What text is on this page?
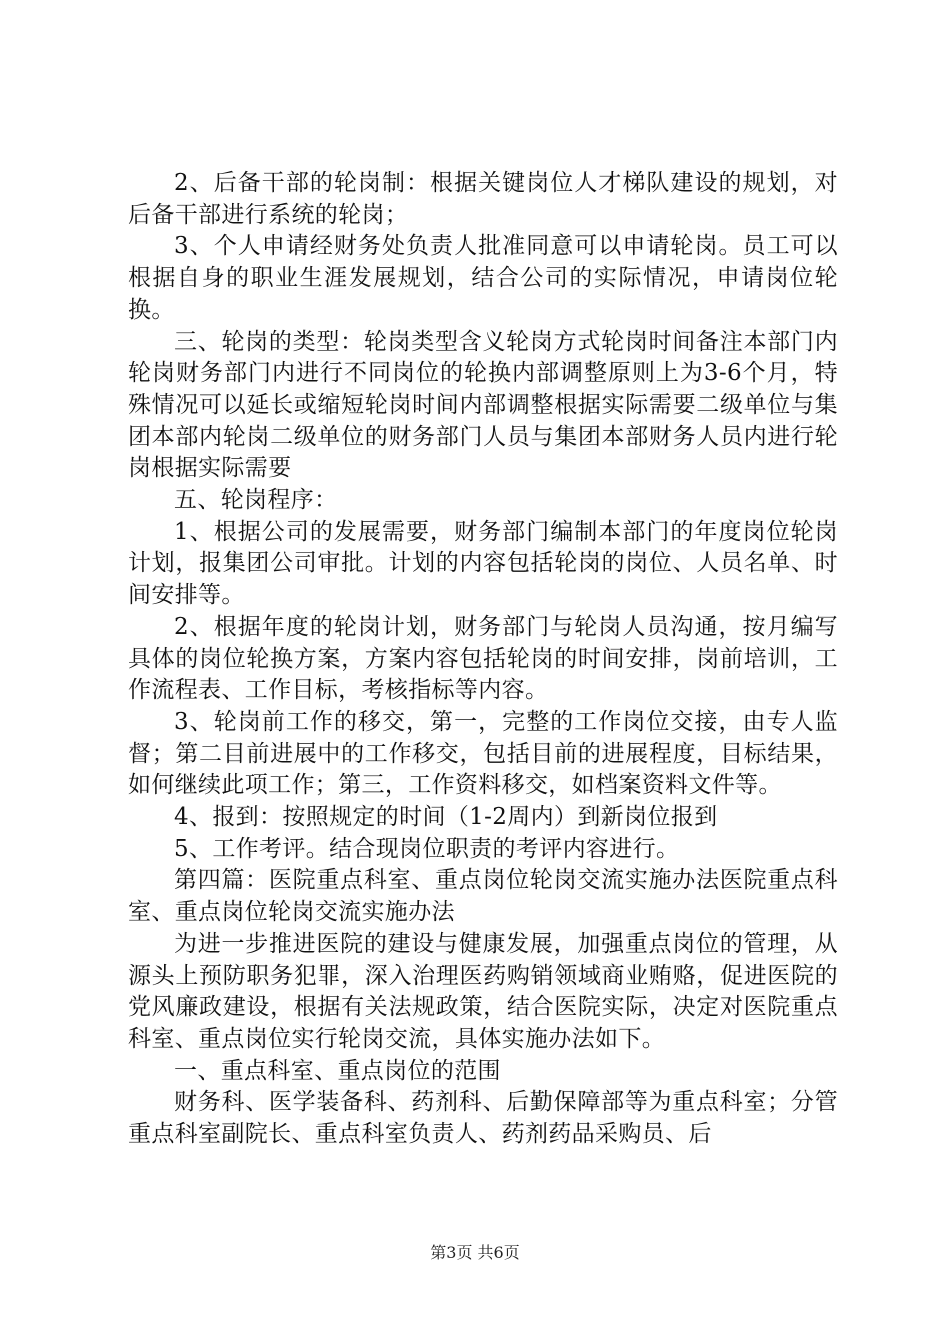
2、后备干部的轮岗制：根据关键岗位人才梯队建设的规划，对后备干部进行系统的轮岗；

3、个人申请经财务处负责人批准同意可以申请轮岗。员工可以根据自身的职业生涯发展规划，结合公司的实际情况，申请岗位轮换。

三、轮岗的类型：轮岗类型含义轮岗方式轮岗时间备注本部门内轮岗财务部门内进行不同岗位的轮换内部调整原则上为3-6个月，特殊情况可以延长或缩短轮岗时间内部调整根据实际需要二级单位与集团本部内轮岗二级单位的财务部门人员与集团本部财务人员内进行轮岗根据实际需要

五、轮岗程序：

1、根据公司的发展需要，财务部门编制本部门的年度岗位轮岗计划，报集团公司审批。计划的内容包括轮岗的岗位、人员名单、时间安排等。

2、根据年度的轮岗计划，财务部门与轮岗人员沟通，按月编写具体的岗位轮换方案，方案内容包括轮岗的时间安排，岗前培训，工作流程表、工作目标，考核指标等内容。

3、轮岗前工作的移交，第一，完整的工作岗位交接，由专人监督；第二目前进展中的工作移交，包括目前的进展程度，目标结果，如何继续此项工作；第三，工作资料移交，如档案资料文件等。

4、报到：按照规定的时间（1-2周内）到新岗位报到

5、工作考评。结合现岗位职责的考评内容进行。

第四篇：医院重点科室、重点岗位轮岗交流实施办法医院重点科室、重点岗位轮岗交流实施办法

为进一步推进医院的建设与健康发展，加强重点岗位的管理，从源头上预防职务犯罪，深入治理医药购销领域商业贿赂，促进医院的党风廉政建设，根据有关法规政策，结合医院实际，决定对医院重点科室、重点岗位实行轮岗交流，具体实施办法如下。

一、重点科室、重点岗位的范围

财务科、医学装备科、药剂科、后勤保障部等为重点科室；分管重点科室副院长、重点科室负责人、药剂药品采购员、后

第3页 共6页
